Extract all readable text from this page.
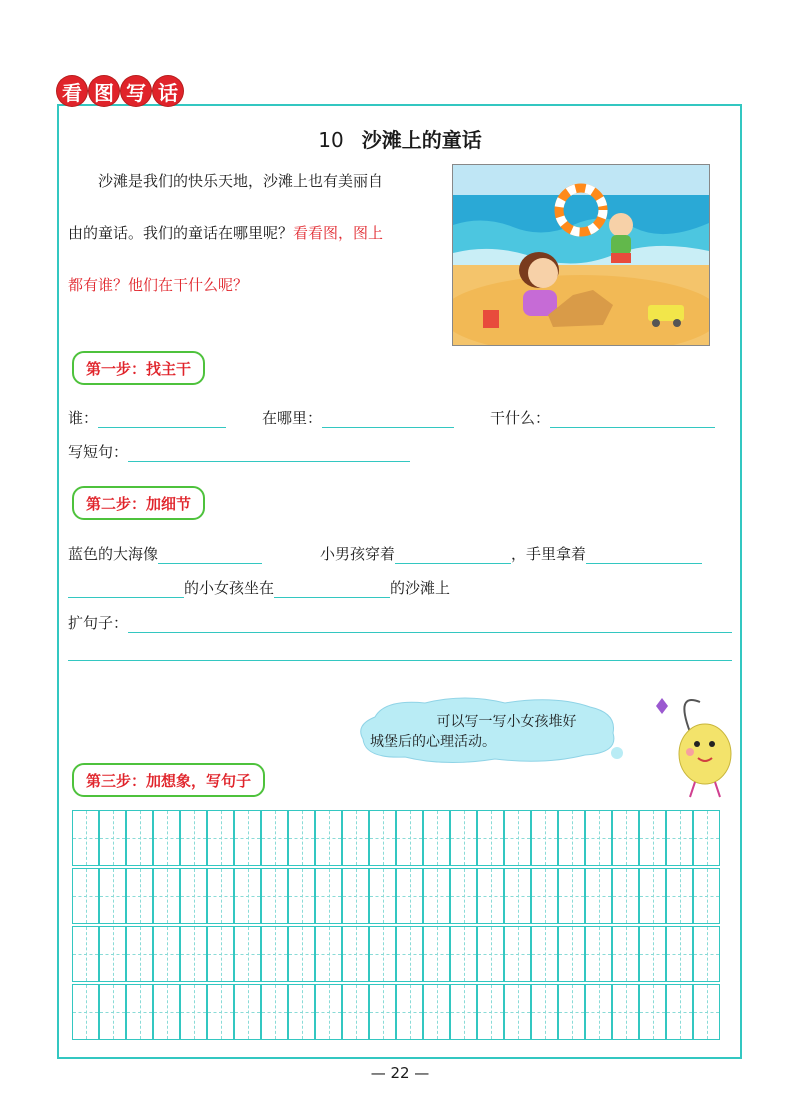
看 图 写 话
10 沙滩上的童话

沙滩是我们的快乐天地，沙滩上也有美丽自

由的童话。我们的童话在哪里呢？看看图，图上

都有谁？他们在干什么呢？

第一步：找主干
谁：	在哪里：	干什么：
写短句：
第二步：加细节
蓝色的大海像	小男孩穿着	，手里拿着
的小女孩坐在	的沙滩上
扩句子：
可以写一写小女孩堆好
城堡后的心理活动。
第三步：加想象，写句子
— 22 —
